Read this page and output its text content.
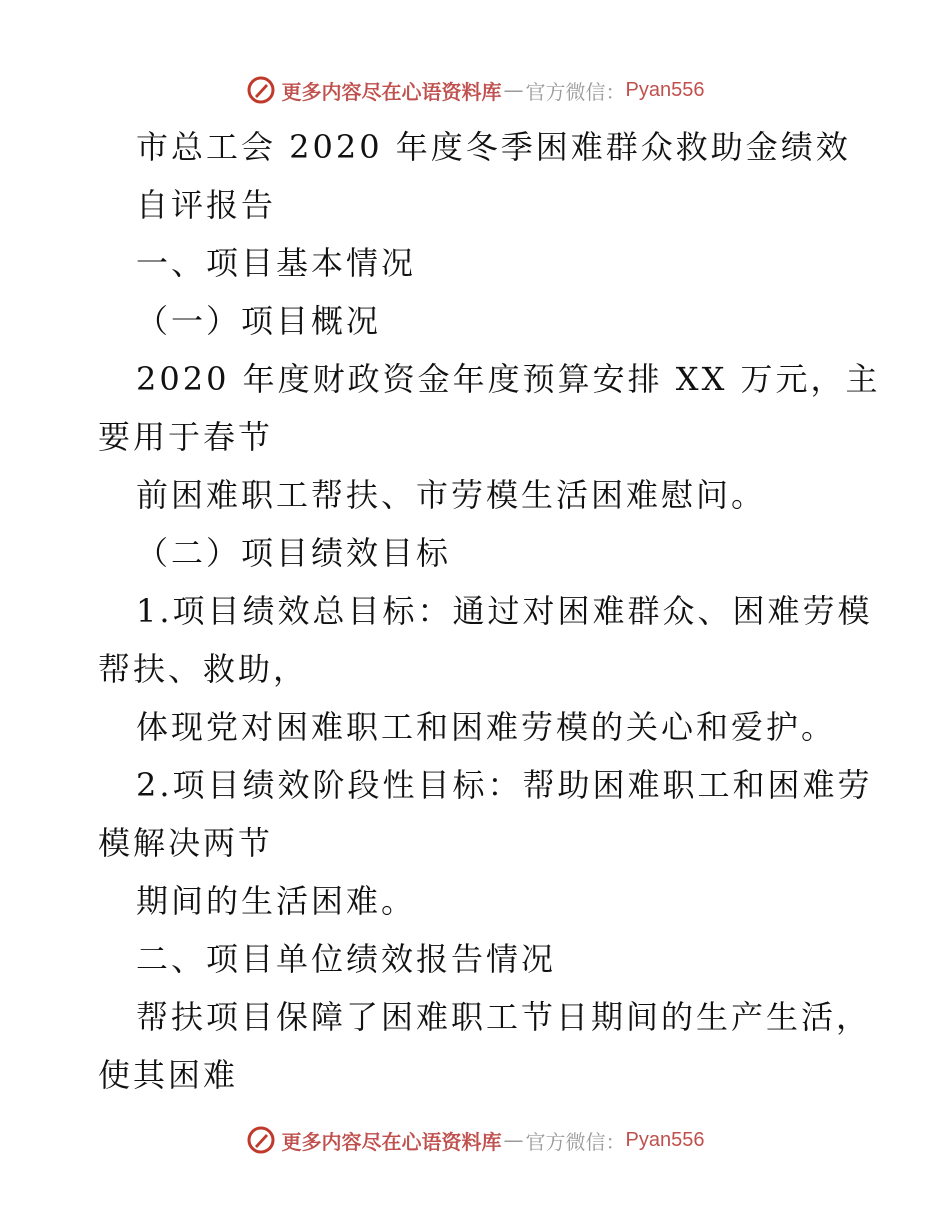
更多内容尽在心语资料库 — 官方微信： Pyan556
市总工会 2020 年度冬季困难群众救助金绩效
自评报告
一、项目基本情况
（一）项目概况
2020 年度财政资金年度预算安排 XX 万元，主
要用于春节
前困难职工帮扶、市劳模生活困难慰问。
（二）项目绩效目标
1.项目绩效总目标：通过对困难群众、困难劳模
帮扶、救助，
体现党对困难职工和困难劳模的关心和爱护。
2.项目绩效阶段性目标：帮助困难职工和困难劳
模解决两节
期间的生活困难。
二、项目单位绩效报告情况
帮扶项目保障了困难职工节日期间的生产生活，
使其困难
更多内容尽在心语资料库 — 官方微信： Pyan556
